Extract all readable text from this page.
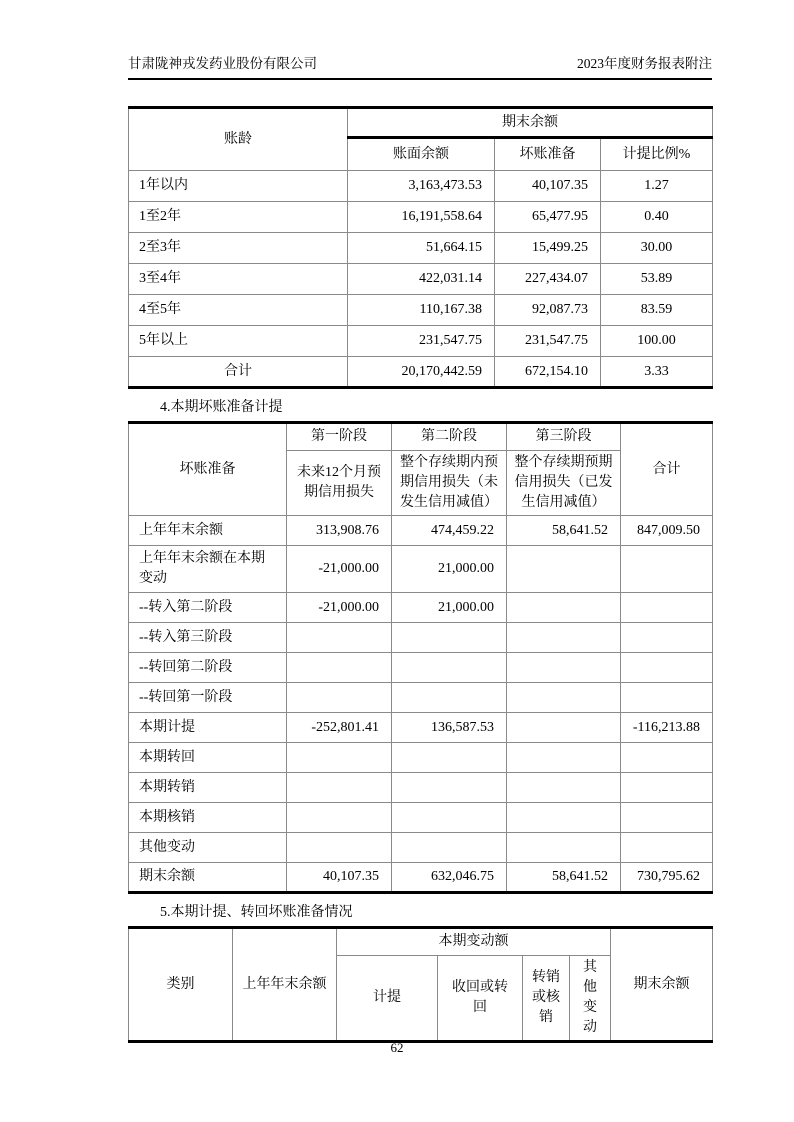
甘肃陇神戎发药业股份有限公司	2023年度财务报表附注
账龄	期末余额		
	账面余额	坏账准备	计提比例%
1年以内	3,163,473.53	40,107.35	1.27
1至2年	16,191,558.64	65,477.95	0.40
2至3年	51,664.15	15,499.25	30.00
3至4年	422,031.14	227,434.07	53.89
4至5年	110,167.38	92,087.73	83.59
5年以上	231,547.75	231,547.75	100.00
合计	20,170,442.59	672,154.10	3.33
4.本期坏账准备计提
坏账准备	第一阶段	第二阶段	第三阶段	合计
	未来12个月预期信用损失	整个存续期内预期信用损失（未发生信用减值）	整个存续期预期信用损失（已发生信用减值）	
上年年末余额	313,908.76	474,459.22	58,641.52	847,009.50
上年年末余额在本期变动	-21,000.00	21,000.00		
--转入第二阶段	-21,000.00	21,000.00		
--转入第三阶段				
--转回第二阶段				
--转回第一阶段				
本期计提	-252,801.41	136,587.53		-116,213.88
本期转回				
本期转销				
本期核销				
其他变动				
期末余额	40,107.35	632,046.75	58,641.52	730,795.62
5.本期计提、转回坏账准备情况
类别	上年年末余额	本期变动额				期末余额
		计提	收回或转回	转销或核销	其他变动	
62
